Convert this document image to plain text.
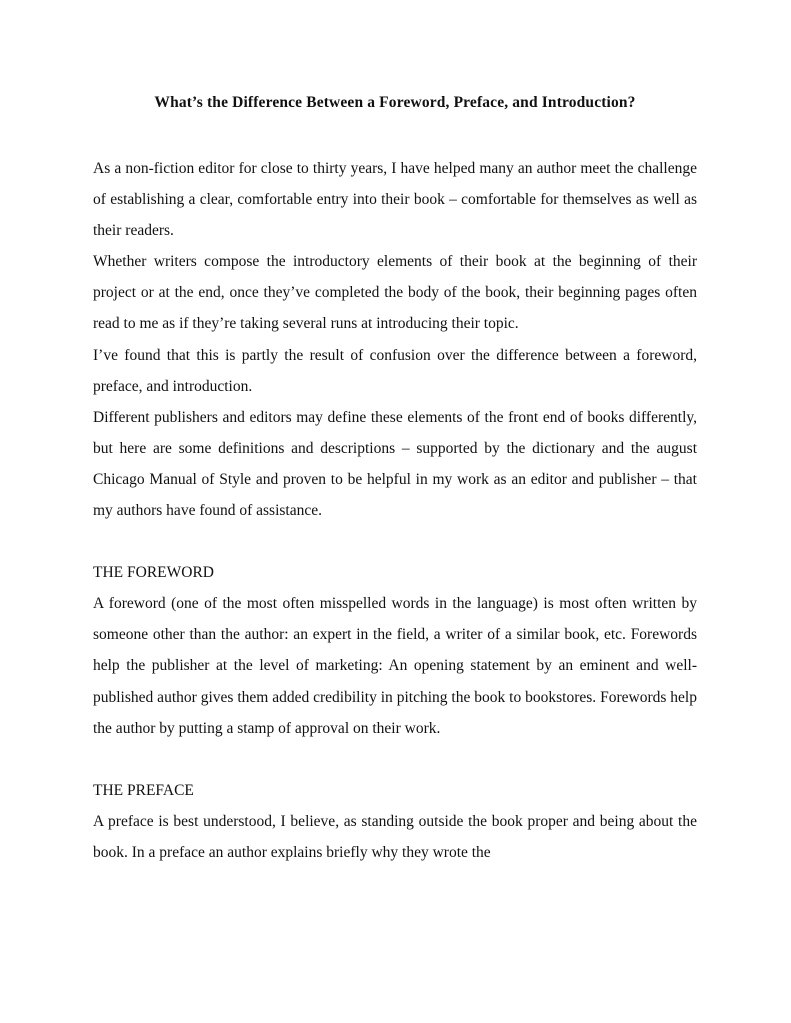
What’s the Difference Between a Foreword, Preface, and Introduction?

As a non-fiction editor for close to thirty years, I have helped many an author meet the challenge of establishing a clear, comfortable entry into their book – comfortable for themselves as well as their readers.

Whether writers compose the introductory elements of their book at the beginning of their project or at the end, once they’ve completed the body of the book, their beginning pages often read to me as if they’re taking several runs at introducing their topic.

I’ve found that this is partly the result of confusion over the difference between a foreword, preface, and introduction.

Different publishers and editors may define these elements of the front end of books differently, but here are some definitions and descriptions – supported by the dictionary and the august Chicago Manual of Style and proven to be helpful in my work as an editor and publisher – that my authors have found of assistance.

THE FOREWORD

A foreword (one of the most often misspelled words in the language) is most often written by someone other than the author: an expert in the field, a writer of a similar book, etc. Forewords help the publisher at the level of marketing: An opening statement by an eminent and well-published author gives them added credibility in pitching the book to bookstores. Forewords help the author by putting a stamp of approval on their work.

THE PREFACE

A preface is best understood, I believe, as standing outside the book proper and being about the book. In a preface an author explains briefly why they wrote the
